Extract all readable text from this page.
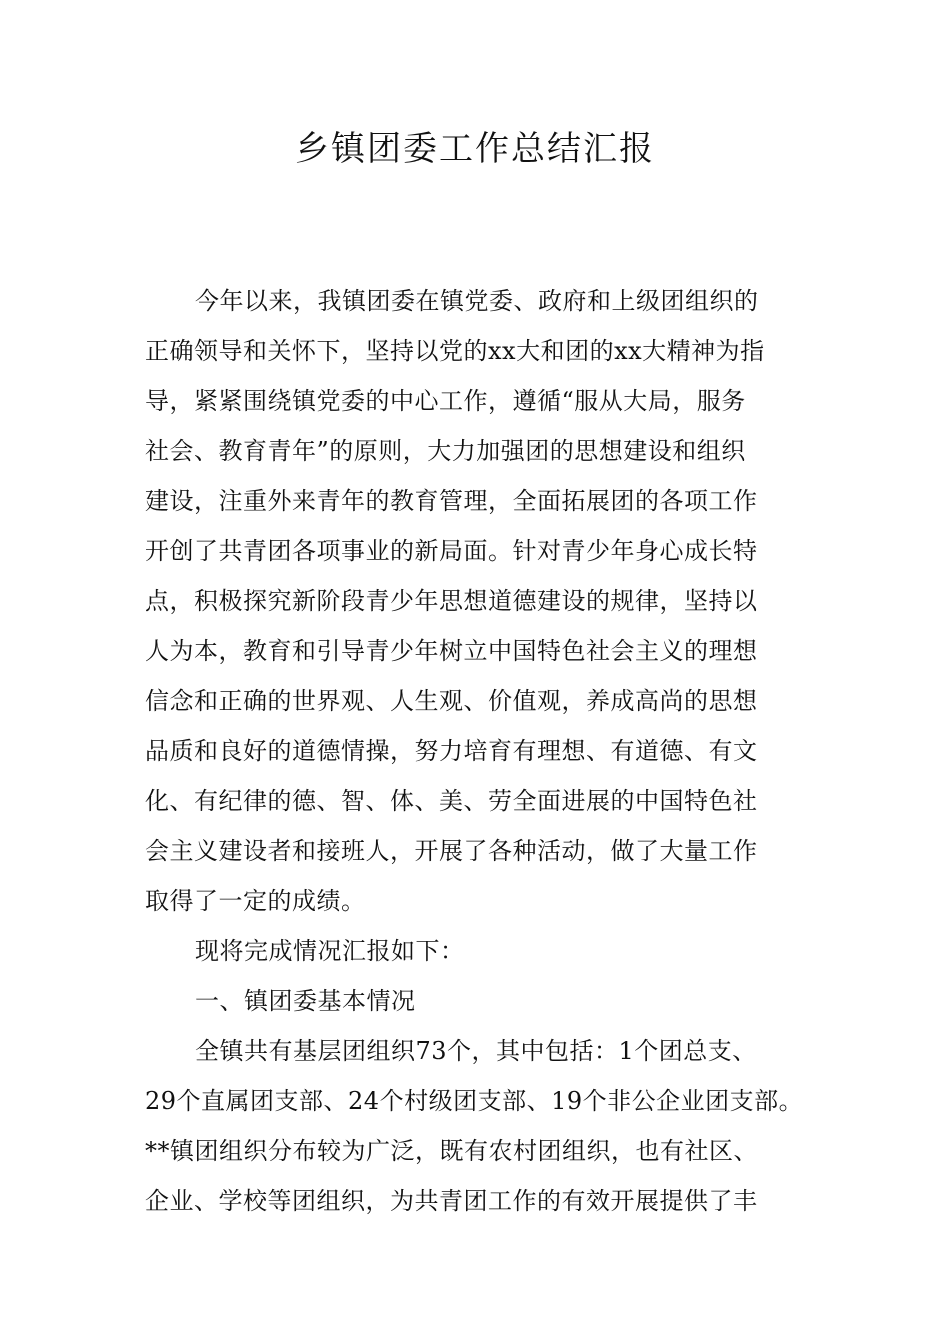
乡镇团委工作总结汇报
今年以来，我镇团委在镇党委、政府和上级团组织的
正确领导和关怀下，坚持以党的xx大和团的xx大精神为指
导，紧紧围绕镇党委的中心工作，遵循“服从大局，服务
社会、教育青年”的原则，大力加强团的思想建设和组织
建设，注重外来青年的教育管理，全面拓展团的各项工作
开创了共青团各项事业的新局面。针对青少年身心成长特
点，积极探究新阶段青少年思想道德建设的规律，坚持以
人为本，教育和引导青少年树立中国特色社会主义的理想
信念和正确的世界观、人生观、价值观，养成高尚的思想
品质和良好的道德情操，努力培育有理想、有道德、有文
化、有纪律的德、智、体、美、劳全面进展的中国特色社
会主义建设者和接班人，开展了各种活动，做了大量工作
取得了一定的成绩。
现将完成情况汇报如下：
一、镇团委基本情况
全镇共有基层团组织73个，其中包括：1个团总支、
29个直属团支部、24个村级团支部、19个非公企业团支部。
**镇团组织分布较为广泛，既有农村团组织，也有社区、
企业、学校等团组织，为共青团工作的有效开展提供了丰
